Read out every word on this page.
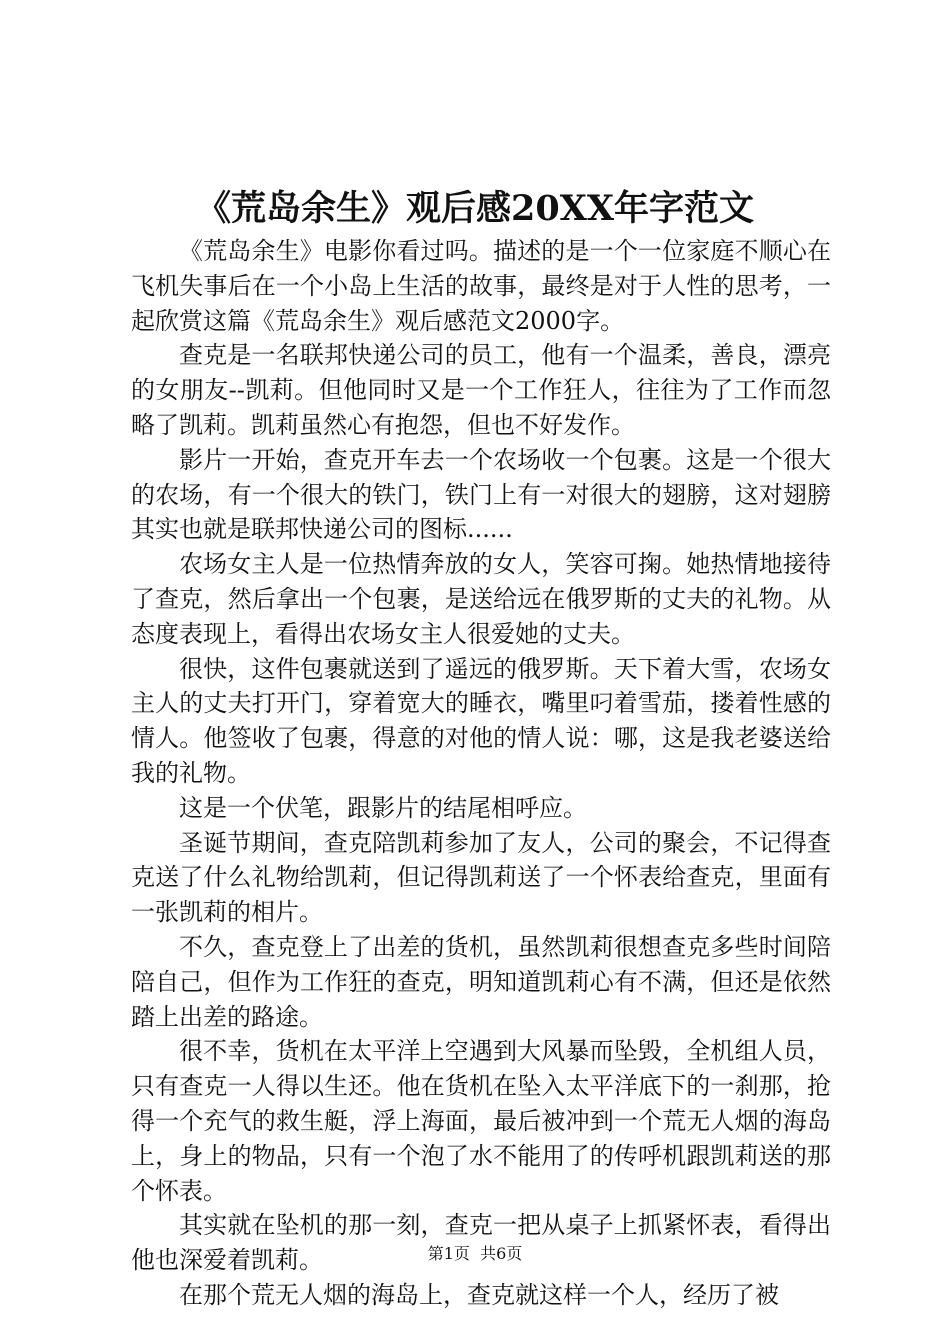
《荒岛余生》观后感20XX年字范文

《荒岛余生》电影你看过吗。描述的是一个一位家庭不顺心在飞机失事后在一个小岛上生活的故事，最终是对于人性的思考，一起欣赏这篇《荒岛余生》观后感范文2000字。

查克是一名联邦快递公司的员工，他有一个温柔，善良，漂亮的女朋友--凯莉。但他同时又是一个工作狂人，往往为了工作而忽略了凯莉。凯莉虽然心有抱怨，但也不好发作。

影片一开始，查克开车去一个农场收一个包裹。这是一个很大的农场，有一个很大的铁门，铁门上有一对很大的翅膀，这对翅膀其实也就是联邦快递公司的图标......

农场女主人是一位热情奔放的女人，笑容可掬。她热情地接待了查克，然后拿出一个包裹，是送给远在俄罗斯的丈夫的礼物。从态度表现上，看得出农场女主人很爱她的丈夫。

很快，这件包裹就送到了遥远的俄罗斯。天下着大雪，农场女主人的丈夫打开门，穿着宽大的睡衣，嘴里叼着雪茄，搂着性感的情人。他签收了包裹，得意的对他的情人说：哪，这是我老婆送给我的礼物。

这是一个伏笔，跟影片的结尾相呼应。

圣诞节期间，查克陪凯莉参加了友人，公司的聚会，不记得查克送了什么礼物给凯莉，但记得凯莉送了一个怀表给查克，里面有一张凯莉的相片。

不久，查克登上了出差的货机，虽然凯莉很想查克多些时间陪陪自己，但作为工作狂的查克，明知道凯莉心有不满，但还是依然踏上出差的路途。

很不幸，货机在太平洋上空遇到大风暴而坠毁，全机组人员，只有查克一人得以生还。他在货机在坠入太平洋底下的一刹那，抢得一个充气的救生艇，浮上海面，最后被冲到一个荒无人烟的海岛上，身上的物品，只有一个泡了水不能用了的传呼机跟凯莉送的那个怀表。

其实就在坠机的那一刻，查克一把从桌子上抓紧怀表，看得出他也深爱着凯莉。

在那个荒无人烟的海岛上，查克就这样一个人，经历了被

第1页 共6页
